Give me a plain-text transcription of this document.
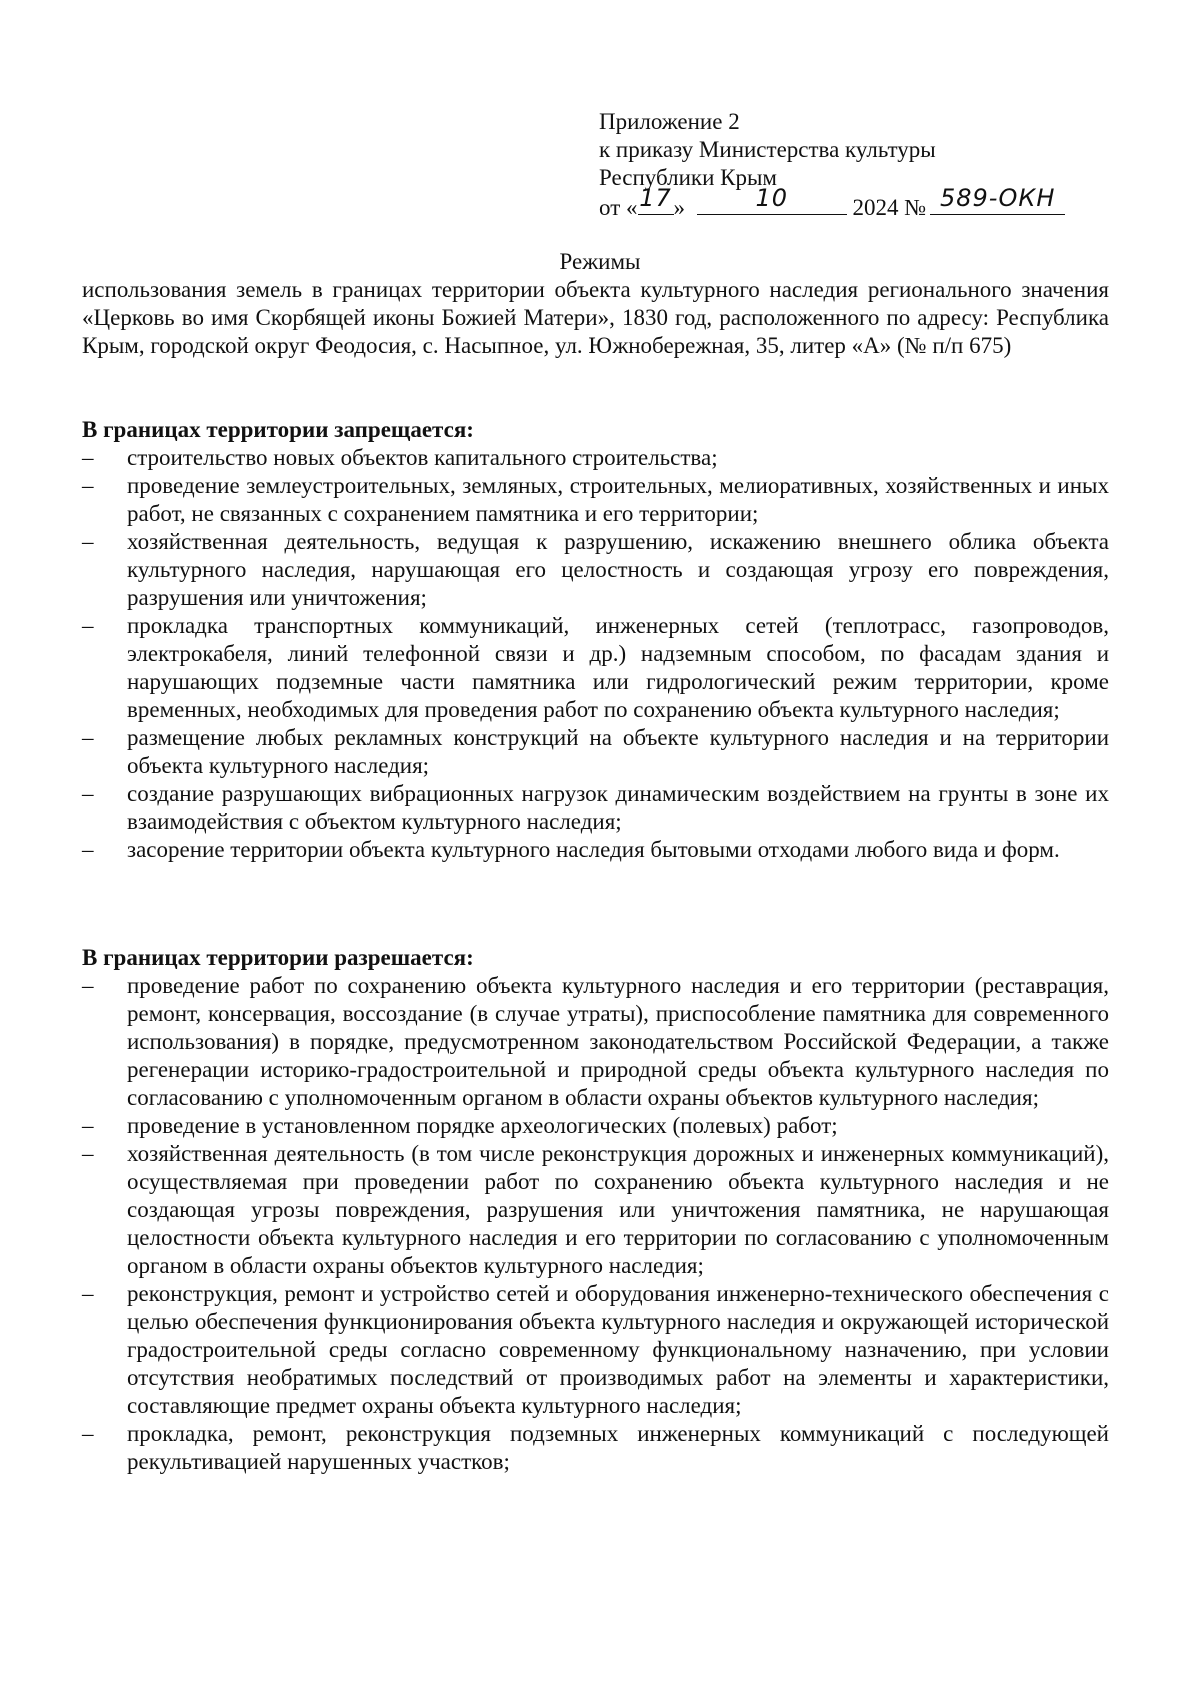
Приложение 2
к приказу Министерства культуры
Республики Крым
от « 17 »	10	2024 № 589-ОКН
Режимы
использования земель в границах территории объекта культурного наследия регионального значения «Церковь во имя Скорбящей иконы Божией Матери», 1830 год, расположенного по адресу: Республика Крым, городской округ Феодосия, с. Насыпное, ул. Южнобережная, 35, литер «А» (№ п/п 675)
В границах территории запрещается:
–	строительство новых объектов капитального строительства;
–	проведение землеустроительных, земляных, строительных, мелиоративных, хозяйственных и иных работ, не связанных с сохранением памятника и его территории;
–	хозяйственная деятельность, ведущая к разрушению, искажению внешнего облика объекта культурного наследия, нарушающая его целостность и создающая угрозу его повреждения, разрушения или уничтожения;
–	прокладка транспортных коммуникаций, инженерных сетей (теплотрасс, газопроводов, электрокабеля, линий телефонной связи и др.) надземным способом, по фасадам здания и нарушающих подземные части памятника или гидрологический режим территории, кроме временных, необходимых для проведения работ по сохранению объекта культурного наследия;
–	размещение любых рекламных конструкций на объекте культурного наследия и на территории объекта культурного наследия;
–	создание разрушающих вибрационных нагрузок динамическим воздействием на грунты в зоне их взаимодействия с объектом культурного наследия;
–	засорение территории объекта культурного наследия бытовыми отходами любого вида и форм.
В границах территории разрешается:
–	проведение работ по сохранению объекта культурного наследия и его территории (реставрация, ремонт, консервация, воссоздание (в случае утраты), приспособление памятника для современного использования) в порядке, предусмотренном законодательством Российской Федерации, а также регенерации историко-градостроительной и природной среды объекта культурного наследия по согласованию с уполномоченным органом в области охраны объектов культурного наследия;
–	проведение в установленном порядке археологических (полевых) работ;
–	хозяйственная деятельность (в том числе реконструкция дорожных и инженерных коммуникаций), осуществляемая при проведении работ по сохранению объекта культурного наследия и не создающая угрозы повреждения, разрушения или уничтожения памятника, не нарушающая целостности объекта культурного наследия и его территории по согласованию с уполномоченным органом в области охраны объектов культурного наследия;
–	реконструкция, ремонт и устройство сетей и оборудования инженерно-технического обеспечения с целью обеспечения функционирования объекта культурного наследия и окружающей исторической градостроительной среды согласно современному функциональному назначению, при условии отсутствия необратимых последствий от производимых работ на элементы и характеристики, составляющие предмет охраны объекта культурного наследия;
–	прокладка, ремонт, реконструкция подземных инженерных коммуникаций с последующей рекультивацией нарушенных участков;
